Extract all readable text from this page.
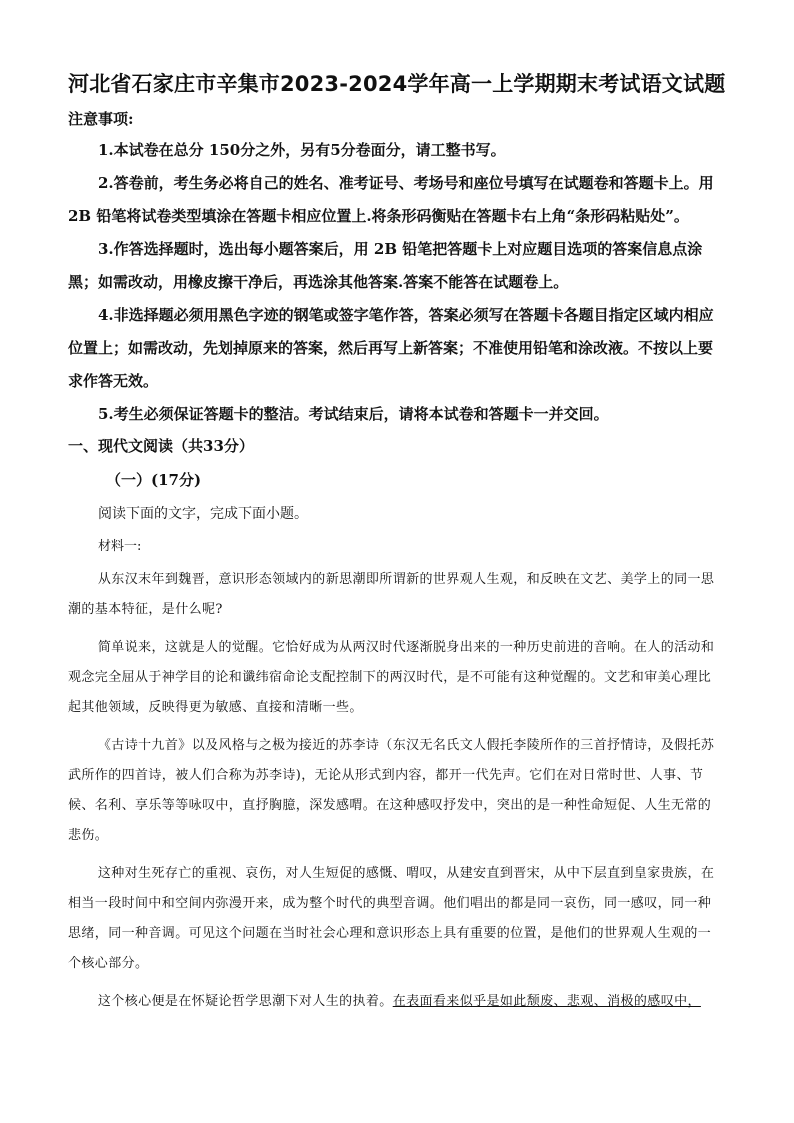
河北省石家庄市辛集市2023-2024学年高一上学期期末考试语文试题
注意事项:

1.本试卷在总分 150分之外，另有5分卷面分，请工整书写。

2.答卷前，考生务必将自己的姓名、准考证号、考场号和座位号填写在试题卷和答题卡上。用 2B 铅笔将试卷类型填涂在答题卡相应位置上.将条形码衡贴在答题卡右上角“条形码粘贴处”。

3.作答选择题时，选出每小题答案后，用 2B 铅笔把答题卡上对应题目选项的答案信息点涂黑；如需改动，用橡皮擦干净后，再选涂其他答案.答案不能答在试题卷上。

4.非选择题必须用黑色字迹的钢笔或签字笔作答，答案必须写在答题卡各题目指定区域内相应位置上；如需改动，先划掉原来的答案，然后再写上新答案；不准使用铅笔和涂改液。不按以上要求作答无效。

5.考生必须保证答题卡的整洁。考试结束后，请将本试卷和答题卡一并交回。

一、现代文阅读（共33分）
（一）(17分)
阅读下面的文字，完成下面小题。
材料一:

从东汉末年到魏晋，意识形态领域内的新思潮即所谓新的世界观人生观，和反映在文艺、美学上的同一思潮的基本特征，是什么呢?

简单说来，这就是人的觉醒。它恰好成为从两汉时代逐渐脱身出来的一种历史前进的音响。在人的活动和观念完全屈从于神学目的论和谶纬宿命论支配控制下的两汉时代，是不可能有这种觉醒的。文艺和审美心理比起其他领域，反映得更为敏感、直接和清晰一些。

《古诗十九首》以及风格与之极为接近的苏李诗（东汉无名氏文人假托李陵所作的三首抒情诗，及假托苏武所作的四首诗，被人们合称为苏李诗)，无论从形式到内容，都开一代先声。它们在对日常时世、人事、节候、名利、享乐等等咏叹中，直抒胸臆，深发感喟。在这种感叹抒发中，突出的是一种性命短促、人生无常的悲伤。

这种对生死存亡的重视、哀伤，对人生短促的感慨、喟叹，从建安直到晋宋，从中下层直到皇家贵族，在相当一段时间中和空间内弥漫开来，成为整个时代的典型音调。他们唱出的都是同一哀伤，同一感叹，同一种思绪，同一种音调。可见这个问题在当时社会心理和意识形态上具有重要的位置，是他们的世界观人生观的一个核心部分。

这个核心便是在怀疑论哲学思潮下对人生的执着。在表面看来似乎是如此颓废、悲观、消极的感叹中，
